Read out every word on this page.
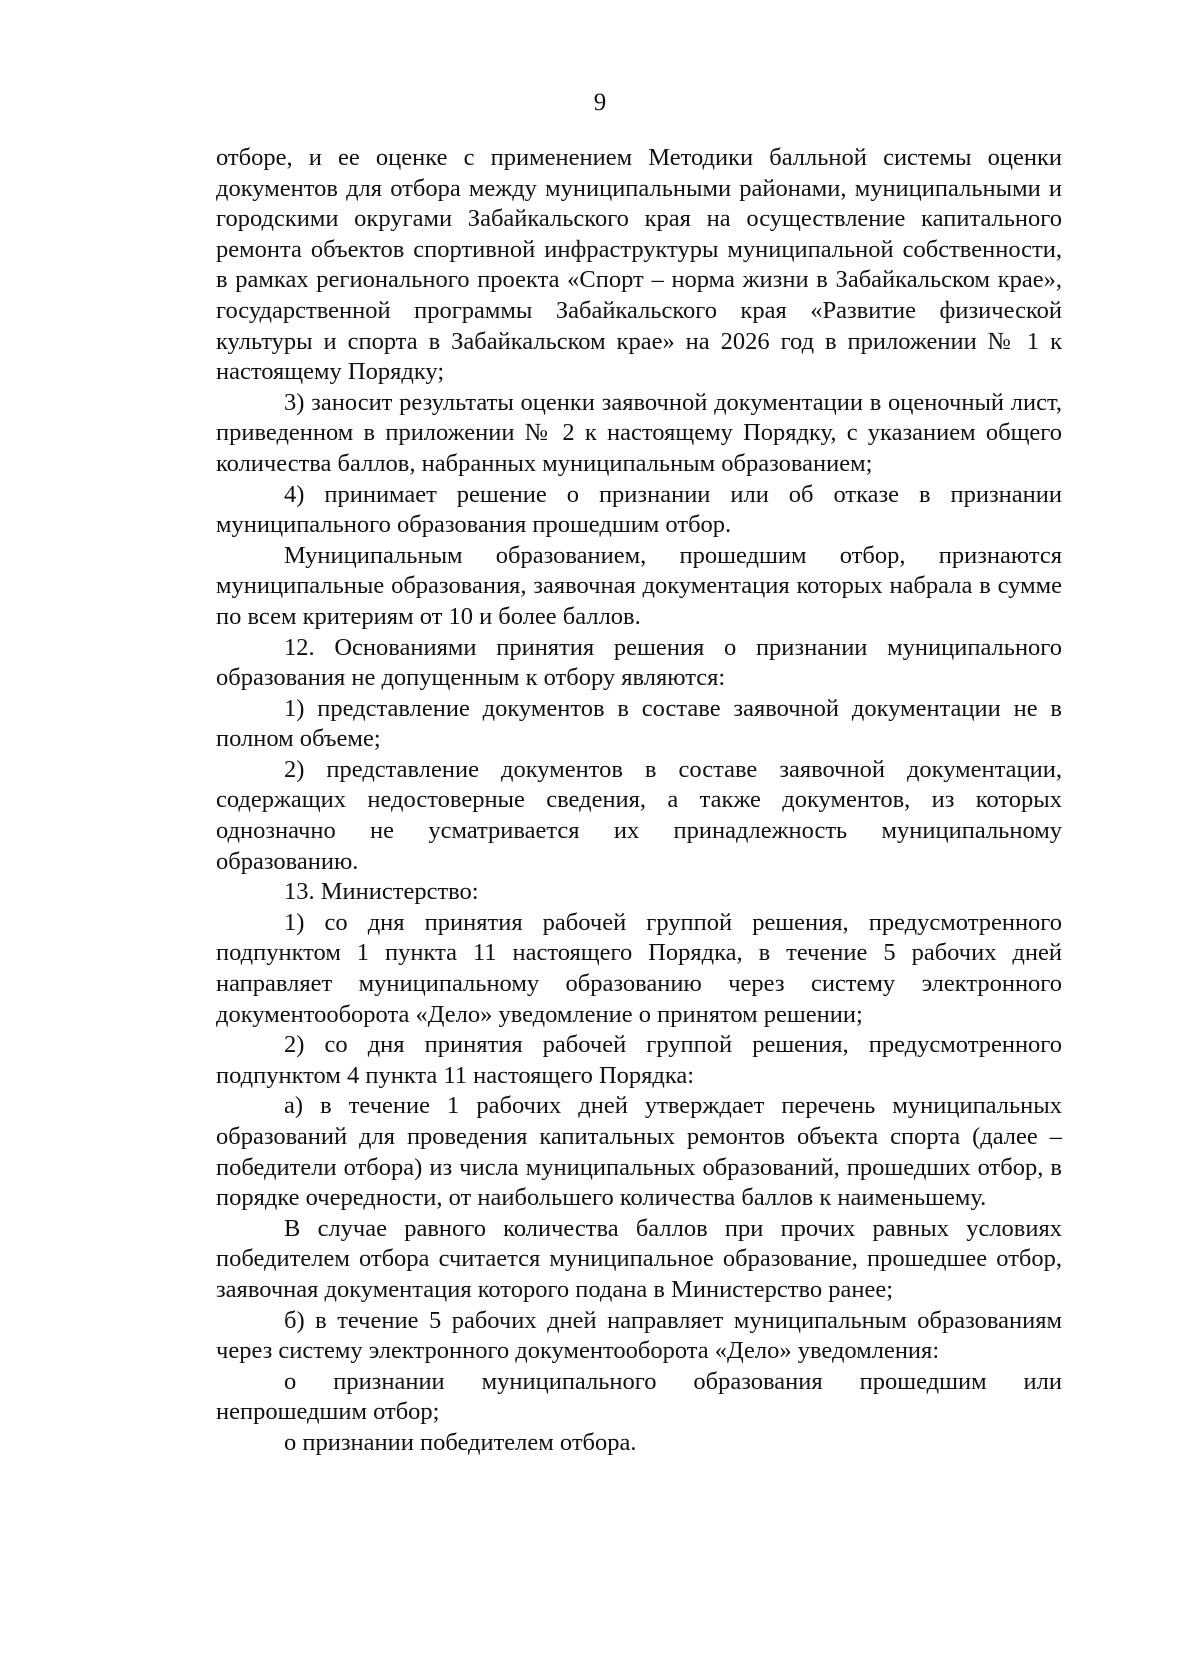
9

отборе, и ее оценке с применением Методики балльной системы оценки документов для отбора между муниципальными районами, муниципальными и городскими округами Забайкальского края на осуществление капитального ремонта объектов спортивной инфраструктуры муниципальной собственности, в рамках регионального проекта «Спорт – норма жизни в Забайкальском крае», государственной программы Забайкальского края «Развитие физической культуры и спорта в Забайкальском крае» на 2026 год в приложении № 1 к настоящему Порядку;

3) заносит результаты оценки заявочной документации в оценочный лист, приведенном в приложении № 2 к настоящему Порядку, с указанием общего количества баллов, набранных муниципальным образованием;

4) принимает решение о признании или об отказе в признании муниципального образования прошедшим отбор.

Муниципальным образованием, прошедшим отбор, признаются муниципальные образования, заявочная документация которых набрала в сумме по всем критериям от 10 и более баллов.

12. Основаниями принятия решения о признании муниципального образования не допущенным к отбору являются:

1) представление документов в составе заявочной документации не в полном объеме;

2) представление документов в составе заявочной документации, содержащих недостоверные сведения, а также документов, из которых однозначно не усматривается их принадлежность муниципальному образованию.

13. Министерство:

1) со дня принятия рабочей группой решения, предусмотренного подпунктом 1 пункта 11 настоящего Порядка, в течение 5 рабочих дней направляет муниципальному образованию через систему электронного документооборота «Дело» уведомление о принятом решении;

2) со дня принятия рабочей группой решения, предусмотренного подпунктом 4 пункта 11 настоящего Порядка:

а) в течение 1 рабочих дней утверждает перечень муниципальных образований для проведения капитальных ремонтов объекта спорта (далее – победители отбора) из числа муниципальных образований, прошедших отбор, в порядке очередности, от наибольшего количества баллов к наименьшему.

В случае равного количества баллов при прочих равных условиях победителем отбора считается муниципальное образование, прошедшее отбор, заявочная документация которого подана в Министерство ранее;

б) в течение 5 рабочих дней направляет муниципальным образованиям через систему электронного документооборота «Дело» уведомления:

о признании муниципального образования прошедшим или непрошедшим отбор;

о признании победителем отбора.
